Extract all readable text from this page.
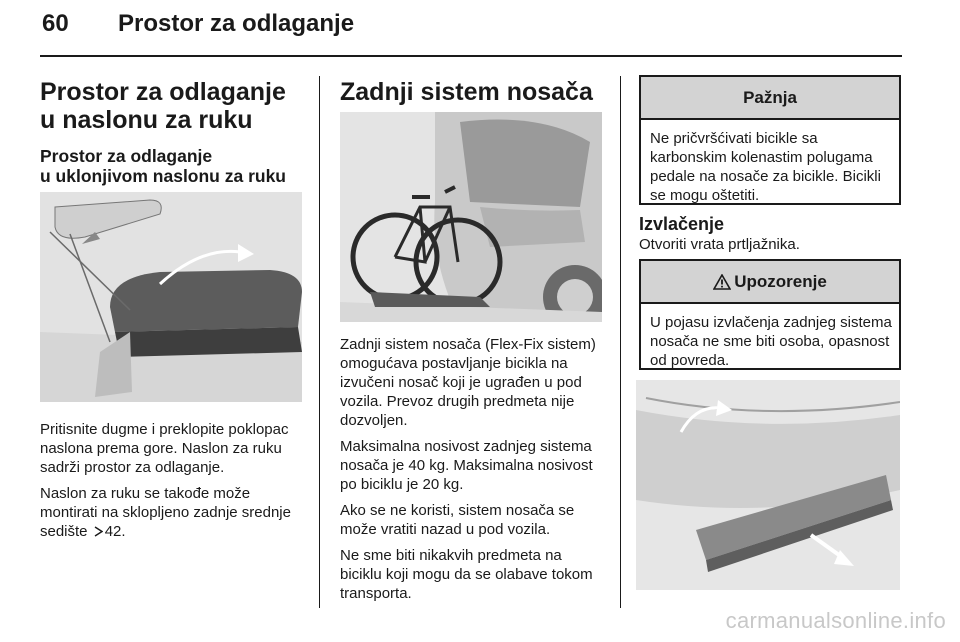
60 Prostor za odlaganje
Prostor za odlaganje
u naslonu za ruku
Prostor za odlaganje
u uklonjivom naslonu za ruku

Pritisnite dugme i preklopite poklopac naslona prema gore. Naslon za ruku sadrži prostor za odlaganje.

Naslon za ruku se takođe može montirati na sklopljeno zadnje srednje sedište 42.

Zadnji sistem nosača

Zadnji sistem nosača (Flex-Fix sistem) omogućava postavljanje bicikla na izvučeni nosač koji je ugrađen u pod vozila. Prevoz drugih predmeta nije dozvoljen.

Maksimalna nosivost zadnjeg sistema nosača je 40 kg. Maksimalna nosivost po biciklu je 20 kg.

Ako se ne koristi, sistem nosača se može vratiti nazad u pod vozila.

Ne sme biti nikakvih predmeta na biciklu koji mogu da se olabave tokom transporta.

Pažnja
Ne pričvršćivati bicikle sa karbonskim kolenastim polugama pedale na nosače za bicikle. Bicikli se mogu oštetiti.
Izvlačenje
Otvoriti vrata prtljažnika.
Upozorenje
U pojasu izvlačenja zadnjeg sistema nosača ne sme biti osoba, opasnost od povreda.
carmanualsonline.info
